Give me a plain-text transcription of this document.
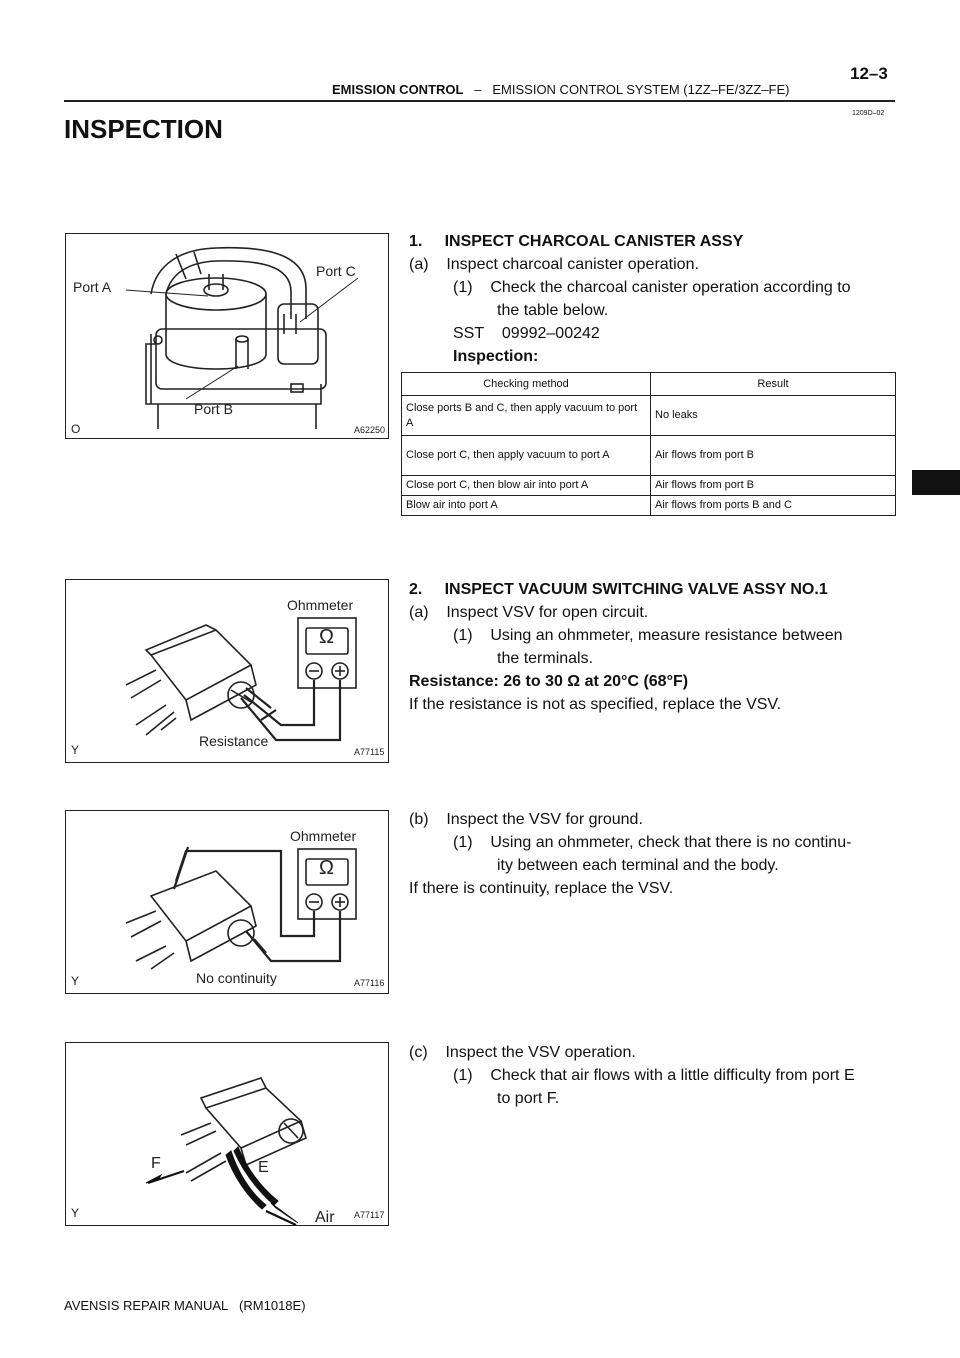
12–3
EMISSION CONTROL – EMISSION CONTROL SYSTEM (1ZZ–FE/3ZZ–FE)
1209D–02
INSPECTION
Port A
Port B
Port C
O	A62250
Ohmmeter
Ω
Resistance
Y	A77115
Ohmmeter
Ω
No continuity
Y	A77116
F	E
Air
Y	A77117
1.     INSPECT CHARCOAL CANISTER ASSY
(a)    Inspect charcoal canister operation.
(1)    Check the charcoal canister operation according to
the table below.
SST    09992–00242
Inspection:
Checking method	Result
Close ports B and C, then apply vacuum to port A	No leaks
Close port C, then apply vacuum to port A	Air flows from port B
Close port C, then blow air into port A	Air flows from port B
Blow air into port A	Air flows from ports B and C
2.     INSPECT VACUUM SWITCHING VALVE ASSY NO.1
(a)    Inspect VSV for open circuit.
(1)    Using an ohmmeter, measure resistance between
the terminals.
Resistance: 26 to 30 Ω at 20°C (68°F)
If the resistance is not as specified, replace the VSV.
(b)    Inspect the VSV for ground.
(1)    Using an ohmmeter, check that there is no continu-
ity between each terminal and the body.
If there is continuity, replace the VSV.
(c)    Inspect the VSV operation.
(1)    Check that air flows with a little difficulty from port E
to port F.
AVENSIS REPAIR MANUAL   (RM1018E)
